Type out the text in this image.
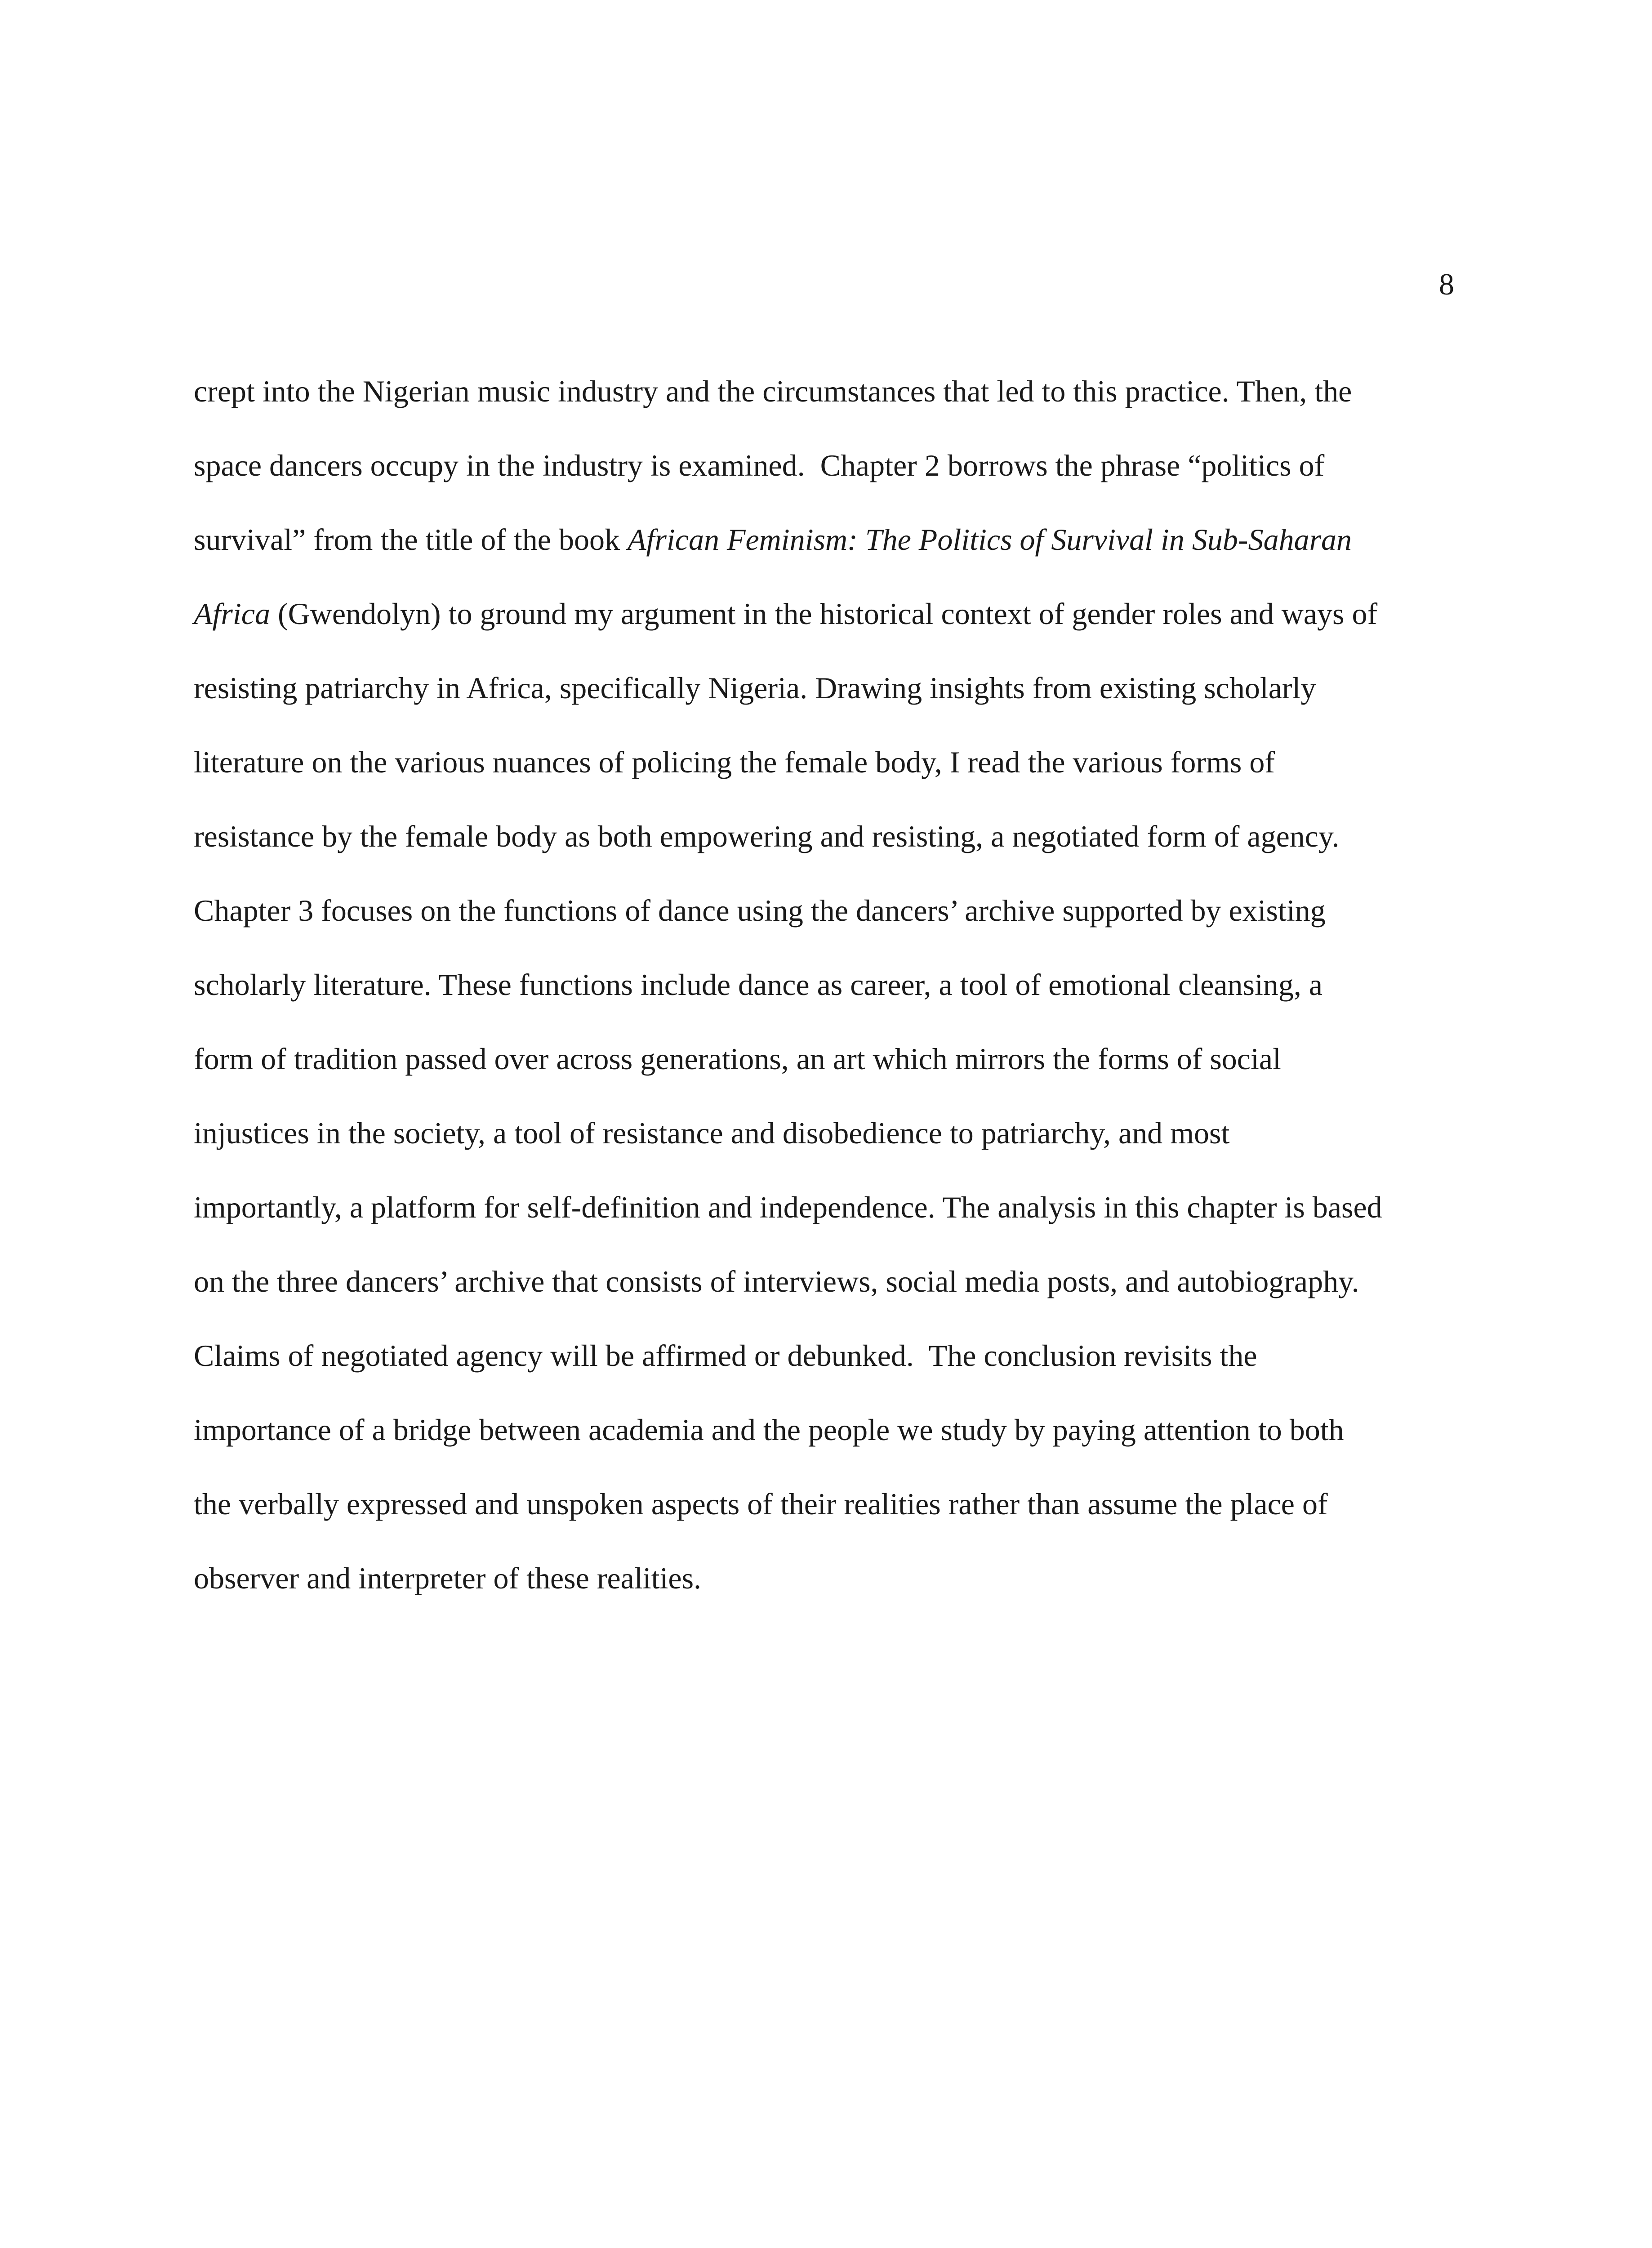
8
crept into the Nigerian music industry and the circumstances that led to this practice. Then, the
space dancers occupy in the industry is examined.  Chapter 2 borrows the phrase “politics of
survival” from the title of the book African Feminism: The Politics of Survival in Sub-Saharan
Africa (Gwendolyn) to ground my argument in the historical context of gender roles and ways of
resisting patriarchy in Africa, specifically Nigeria. Drawing insights from existing scholarly
literature on the various nuances of policing the female body, I read the various forms of
resistance by the female body as both empowering and resisting, a negotiated form of agency.
Chapter 3 focuses on the functions of dance using the dancers’ archive supported by existing
scholarly literature. These functions include dance as career, a tool of emotional cleansing, a
form of tradition passed over across generations, an art which mirrors the forms of social
injustices in the society, a tool of resistance and disobedience to patriarchy, and most
importantly, a platform for self-definition and independence. The analysis in this chapter is based
on the three dancers’ archive that consists of interviews, social media posts, and autobiography.
Claims of negotiated agency will be affirmed or debunked.  The conclusion revisits the
importance of a bridge between academia and the people we study by paying attention to both
the verbally expressed and unspoken aspects of their realities rather than assume the place of
observer and interpreter of these realities.
